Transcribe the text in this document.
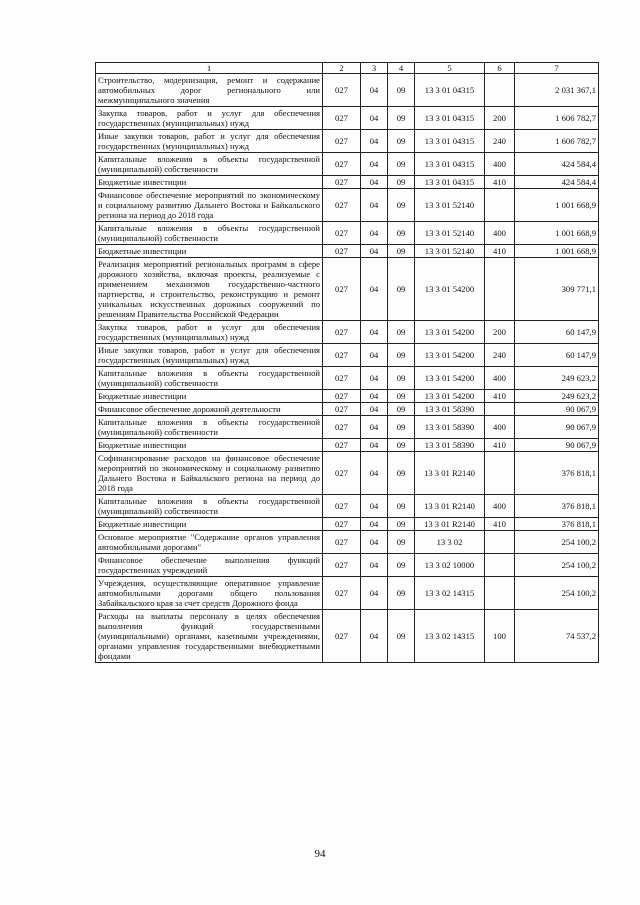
1	2	3	4	5	6	7
Строительство, модернизация, ремонт и содержание автомобильных дорог регионального или межмуниципального значения	027	04	09	13 3 01 04315		2 031 367,1
Закупка товаров, работ и услуг для обеспечения государственных (муниципальных) нужд	027	04	09	13 3 01 04315	200	1 606 782,7
Иные закупки товаров, работ и услуг для обеспечения государственных (муниципальных) нужд	027	04	09	13 3 01 04315	240	1 606 782,7
Капитальные вложения в объекты государственной (муниципальной) собственности	027	04	09	13 3 01 04315	400	424 584,4
Бюджетные инвестиции	027	04	09	13 3 01 04315	410	424 584,4
Финансовое обеспечение мероприятий по экономическому и социальному развитию Дальнего Востока и Байкальского региона на период до 2018 года	027	04	09	13 3 01 52140		1 001 668,9
Капитальные вложения в объекты государственной (муниципальной) собственности	027	04	09	13 3 01 52140	400	1 001 668,9
Бюджетные инвестиции	027	04	09	13 3 01 52140	410	1 001 668,9
Реализация мероприятий региональных программ в сфере дорожного хозяйства, включая проекты, реализуемые с применением механизмов государственно-частного партнерства, и строительство, реконструкцию и ремонт уникальных искусственных дорожных сооружений по решениям Правительства Российской Федерации	027	04	09	13 3 01 54200		309 771,1
Закупка товаров, работ и услуг для обеспечения государственных (муниципальных) нужд	027	04	09	13 3 01 54200	200	60 147,9
Иные закупки товаров, работ и услуг для обеспечения государственных (муниципальных) нужд	027	04	09	13 3 01 54200	240	60 147,9
Капитальные вложения в объекты государственной (муниципальной) собственности	027	04	09	13 3 01 54200	400	249 623,2
Бюджетные инвестиции	027	04	09	13 3 01 54200	410	249 623,2
Финансовое обеспечение дорожной деятельности	027	04	09	13 3 01 58390		90 067,9
Капитальные вложения в объекты государственной (муниципальной) собственности	027	04	09	13 3 01 58390	400	90 067,9
Бюджетные инвестиции	027	04	09	13 3 01 58390	410	90 067,9
Софинансирование расходов на финансовое обеспечение мероприятий по экономическому и социальному развитию Дальнего Востока и Байкальского региона на период до 2018 года	027	04	09	13 3 01 R2140		376 818,1
Капитальные вложения в объекты государственной (муниципальной) собственности	027	04	09	13 3 01 R2140	400	376 818,1
Бюджетные инвестиции	027	04	09	13 3 01 R2140	410	376 818,1
Основное мероприятие "Содержание органов управления автомобильными дорогами"	027	04	09	13 3 02		254 100,2
Финансовое обеспечение выполнения функций государственных учреждений	027	04	09	13 3 02 10000		254 100,2
Учреждения, осуществляющие оперативное управление автомобильными дорогами общего пользования Забайкальского края за счет средств Дорожного фонда	027	04	09	13 3 02 14315		254 100,2
Расходы на выплаты персоналу в целях обеспечения выполнения функций государственными (муниципальными) органами, казенными учреждениями, органами управления государственными внебюджетными фондами	027	04	09	13 3 02 14315	100	74 537,2
94
